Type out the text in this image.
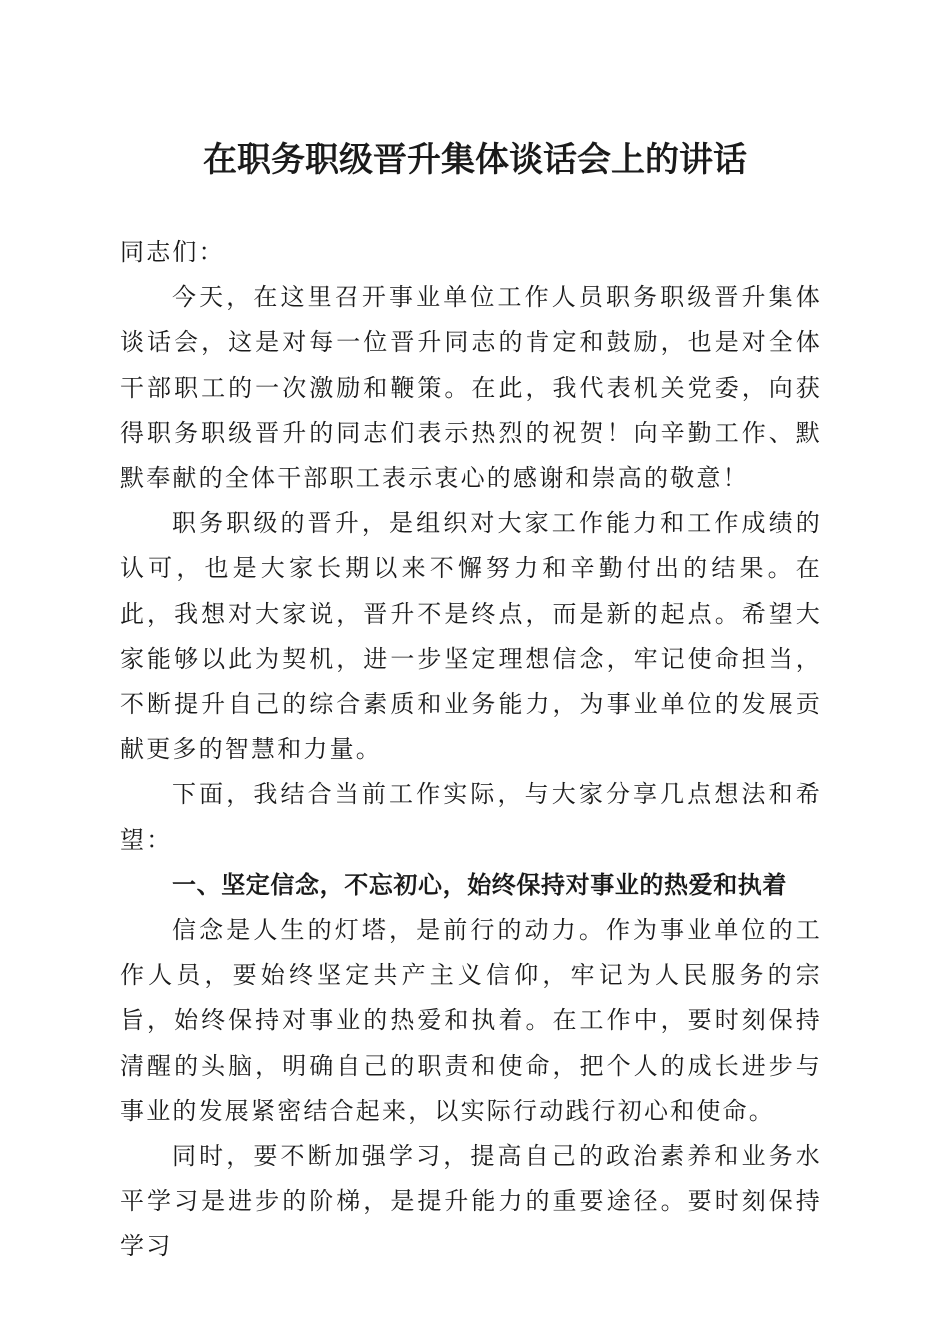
在职务职级晋升集体谈话会上的讲话

同志们：

今天，在这里召开事业单位工作人员职务职级晋升集体谈话会，这是对每一位晋升同志的肯定和鼓励，也是对全体干部职工的一次激励和鞭策。在此，我代表机关党委，向获得职务职级晋升的同志们表示热烈的祝贺！向辛勤工作、默默奉献的全体干部职工表示衷心的感谢和崇高的敬意！

职务职级的晋升，是组织对大家工作能力和工作成绩的认可，也是大家长期以来不懈努力和辛勤付出的结果。在此，我想对大家说，晋升不是终点，而是新的起点。希望大家能够以此为契机，进一步坚定理想信念，牢记使命担当，不断提升自己的综合素质和业务能力，为事业单位的发展贡献更多的智慧和力量。

下面，我结合当前工作实际，与大家分享几点想法和希望：

一、坚定信念，不忘初心，始终保持对事业的热爱和执着

信念是人生的灯塔，是前行的动力。作为事业单位的工作人员，要始终坚定共产主义信仰，牢记为人民服务的宗旨，始终保持对事业的热爱和执着。在工作中，要时刻保持清醒的头脑，明确自己的职责和使命，把个人的成长进步与事业的发展紧密结合起来，以实际行动践行初心和使命。

同时，要不断加强学习，提高自己的政治素养和业务水平学习是进步的阶梯，是提升能力的重要途径。要时刻保持学习
